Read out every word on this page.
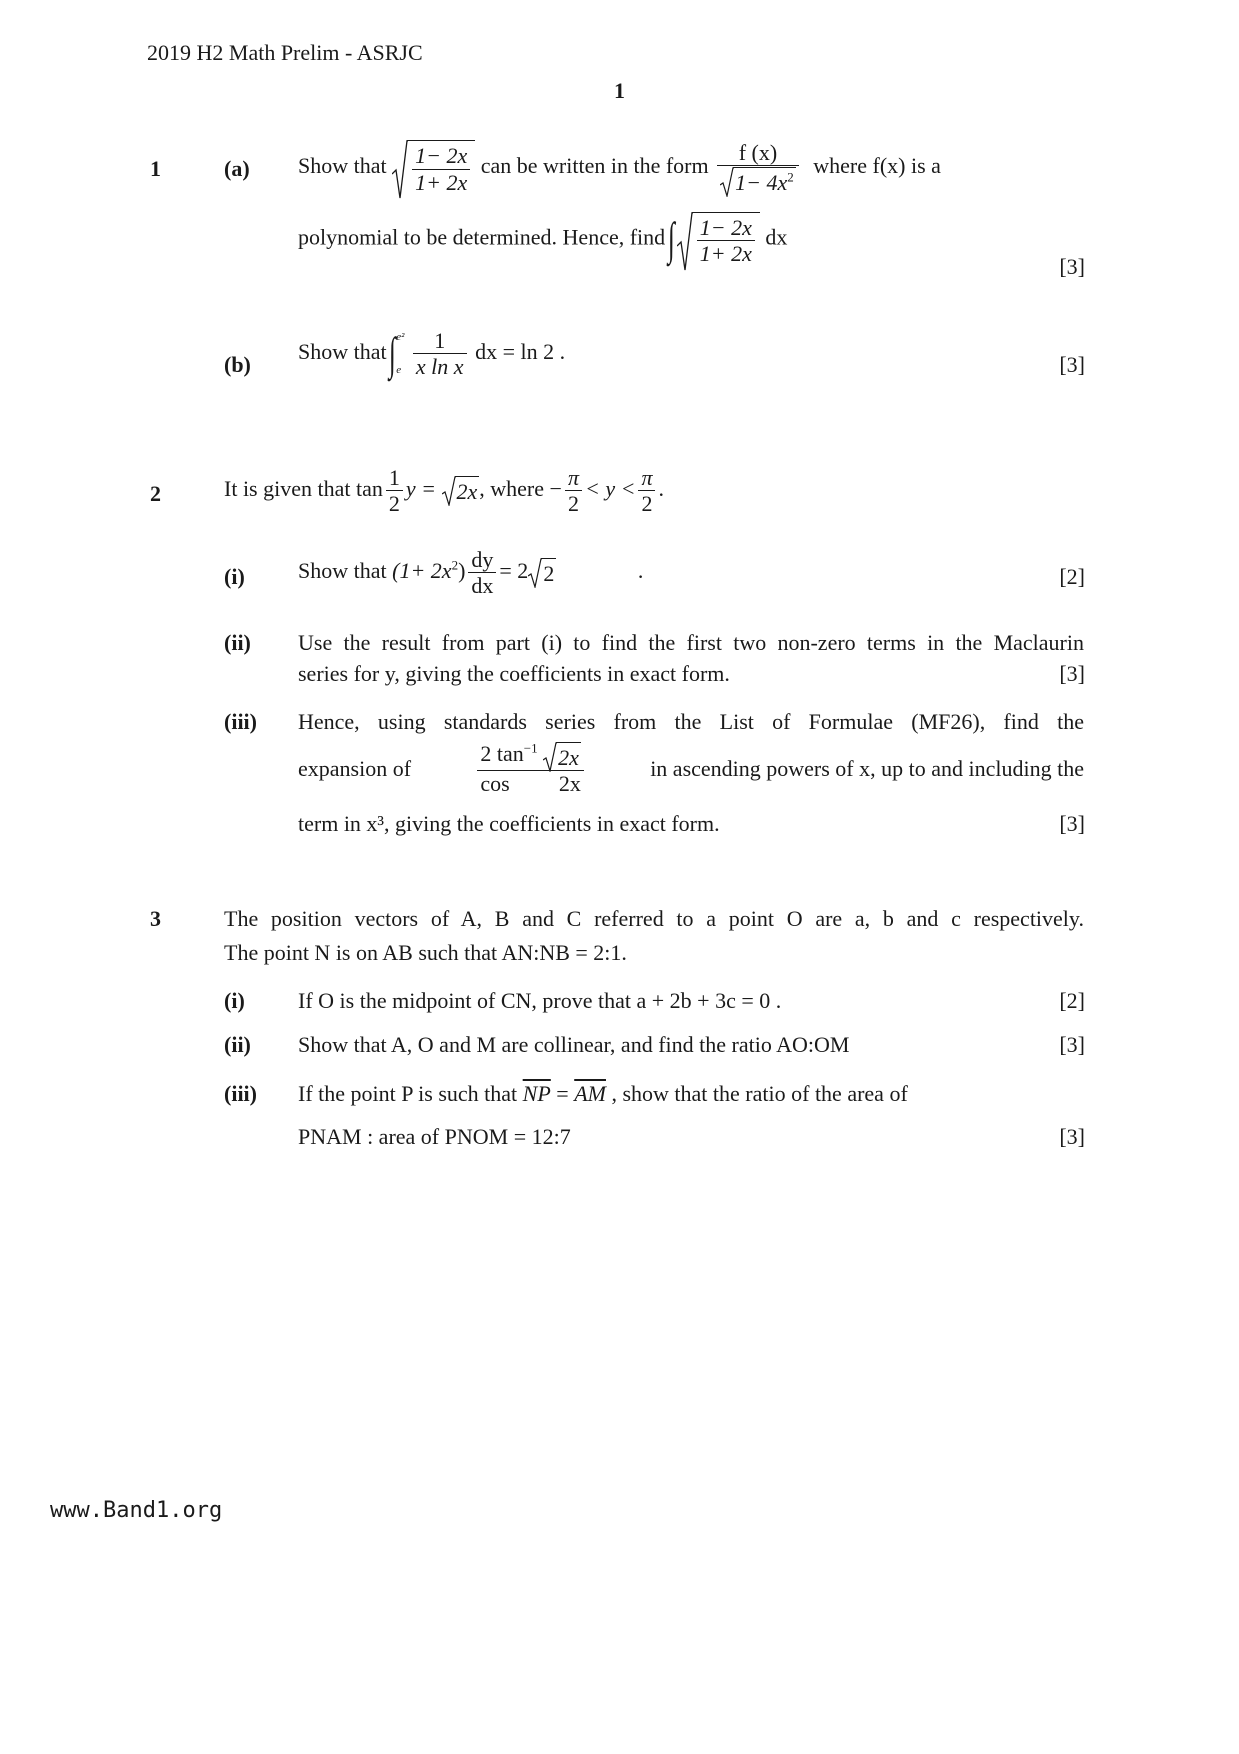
2019 H2 Math Prelim - ASRJC
1
1	(a) Show that $\frac{1- 2x}{1+ 2x}$ can be written in the form $\frac{f (x)}{1- 4x^2}$ where f(x) is a
polynomial to be determined. Hence, find ∫ $\frac{1- 2x}{1+ 2x}$ dx
[3]
(b)
Show that ∫ e²
e
$\frac{1}{\text{x ln x}}$ dx = ln 2 .
[3]
2	It is given that $\tan \frac{1}{2}$ y = 2x, where − $\frac{\pi}{2} < y < \frac{\pi}{2}$ .
(i) Show that $(1+ 2x^2) \frac{dy}{dx} = 2$ 2	.	[2]
(ii) Use the result from part (i) to find the first two non-zero terms in the Maclaurin
series for y, giving the coefficients in exact form.	[3]
(iii) Hence, using standards series from the List of Formulae (MF26), find the
expansion of	$\frac{2 \tan^{-1} 2x}{\cos 2x}$	in ascending powers of x, up to and including the
term in x³, giving the coefficients in exact form.	[3]
3	The position vectors of A, B and C referred to a point O are a, b and c respectively.
The point N is on AB such that AN:NB = 2:1.
(i) If O is the midpoint of CN, prove that a + 2b + 3c = 0 .	[2]
(ii) Show that A, O and M are collinear, and find the ratio AO:OM	[3]
(iii) If the point P is such that $\overline{NP} = \overline{AM}$ , show that the ratio of the area of
PNAM : area of PNOM = 12:7	[3]
www.Band1.org
